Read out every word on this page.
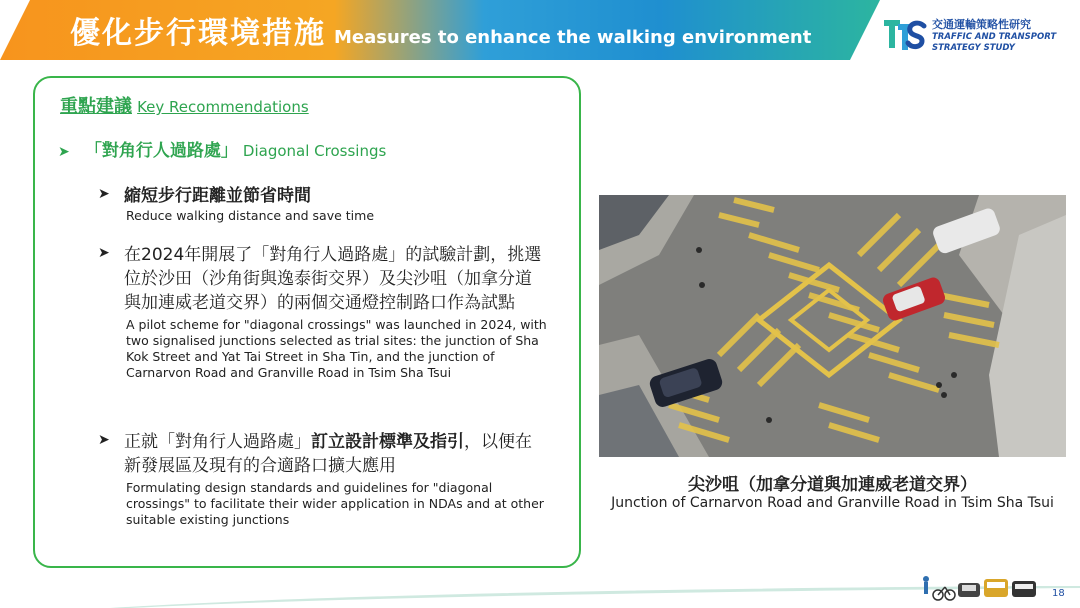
優化步行環境措施 Measures to enhance the walking environment
交通運輸策略性研究
TRAFFIC AND TRANSPORT
STRATEGY STUDY
重點建議 Key Recommendations
➤ 「對角行人過路處」 Diagonal Crossings
➤ 縮短步行距離並節省時間
Reduce walking distance and save time
➤ 在2024年開展了「對角行人過路處」的試驗計劃，挑選位於沙田（沙角街與逸泰街交界）及尖沙咀（加拿分道與加連威老道交界）的兩個交通燈控制路口作為試點
A pilot scheme for "diagonal crossings" was launched in 2024, with two signalised junctions selected as trial sites: the junction of Sha Kok Street and Yat Tai Street in Sha Tin, and the junction of Carnarvon Road and Granville Road in Tsim Sha Tsui
➤ 正就「對角行人過路處」訂立設計標準及指引，以便在新發展區及現有的合適路口擴大應用
Formulating design standards and guidelines for "diagonal crossings" to facilitate their wider application in NDAs and at other suitable existing junctions
尖沙咀（加拿分道與加連威老道交界）
Junction of Carnarvon Road and Granville Road in Tsim Sha Tsui
18
